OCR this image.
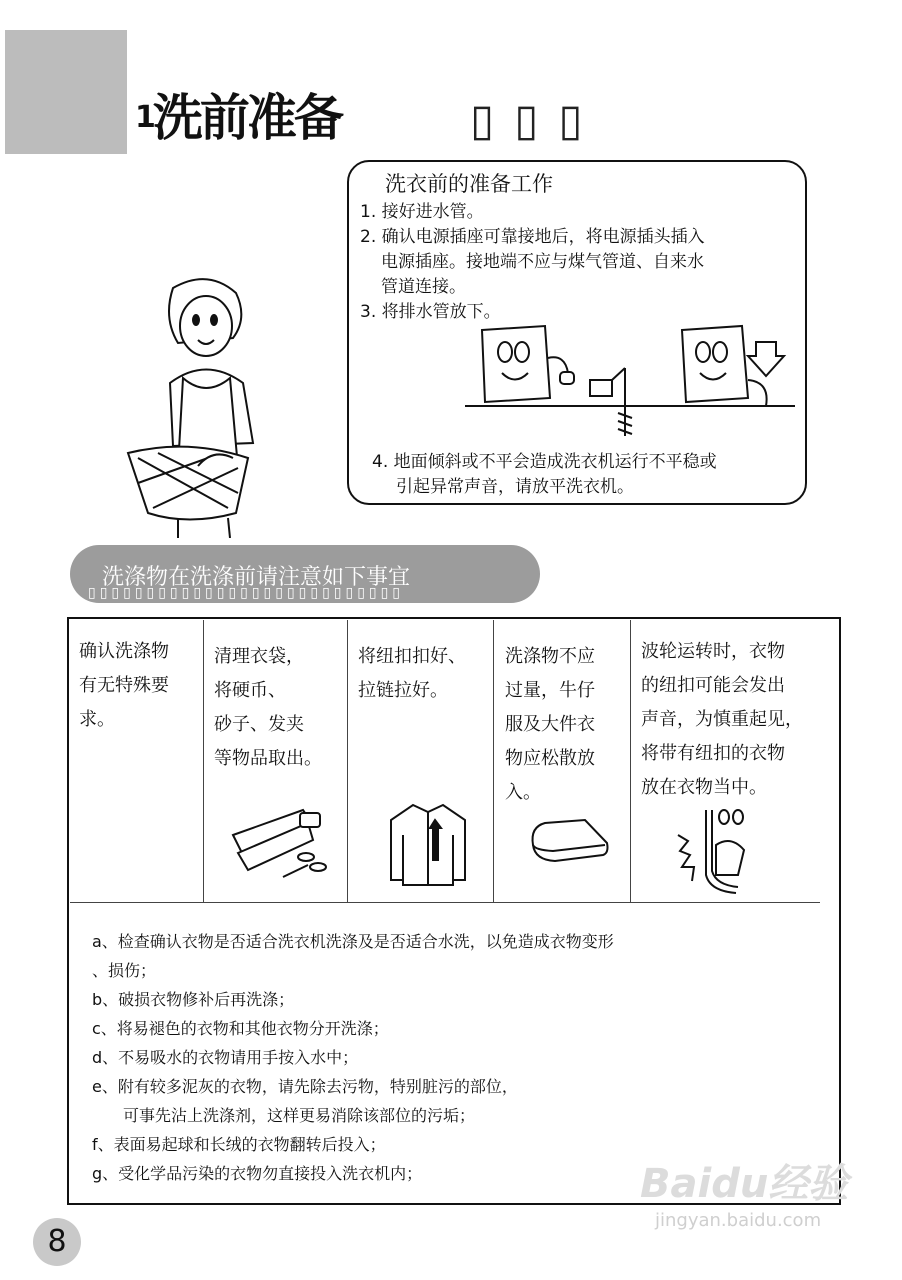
$^1$洗前准备	▯▯▯
洗衣前的准备工作
1. 接好进水管。
2. 确认电源插座可靠接地后，将电源插头插入
电源插座。接地端不应与煤气管道、自来水
管道连接。
3. 将排水管放下。
4. 地面倾斜或不平会造成洗衣机运行不平稳或
引起异常声音，请放平洗衣机。
洗涤物在洗涤前请注意如下事宜
▯▯▯▯▯▯▯▯▯▯▯▯▯▯▯▯▯▯▯▯▯▯▯▯▯▯▯
确认洗涤物
有无特殊要
求。
清理衣袋，
将硬币、
砂子、发夹
等物品取出。
将纽扣扣好、
拉链拉好。
洗涤物不应
过量，牛仔
服及大件衣
物应松散放
入。
波轮运转时，衣物
的纽扣可能会发出
声音，为慎重起见，
将带有纽扣的衣物
放在衣物当中。
a、检查确认衣物是否适合洗衣机洗涤及是否适合水洗，以免造成衣物变形
、损伤；
b、破损衣物修补后再洗涤；
c、将易褪色的衣物和其他衣物分开洗涤；
d、不易吸水的衣物请用手按入水中；
e、附有较多泥灰的衣物，请先除去污物，特别脏污的部位，
可事先沾上洗涤剂，这样更易消除该部位的污垢；
f、表面易起球和长绒的衣物翻转后投入；
g、受化学品污染的衣物勿直接投入洗衣机内；
8
Baidu经验
jingyan.baidu.com
